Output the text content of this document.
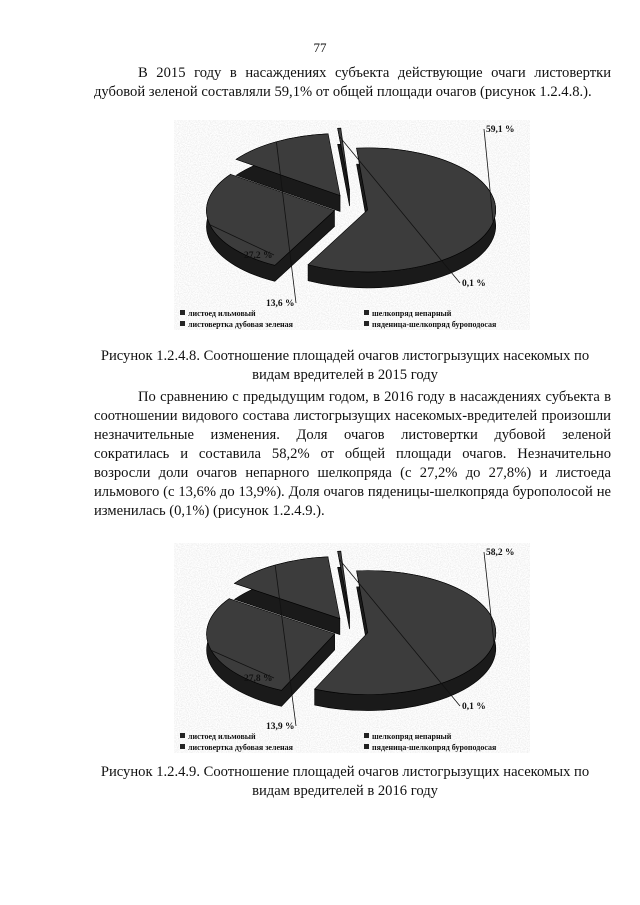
77

В 2015 году в насаждениях субъекта действующие очаги листовертки дубовой зеленой составляли 59,1% от общей площади очагов (рисунок 1.2.4.8.).

59,1 %
27,2 %
13,6 %
0,1 %
листоед ильмовый	шелкопряд непарный
листовертка дубовая зеленая	пяденица-шелкопряд буроподосая

Рисунок 1.2.4.8. Соотношение площадей очагов листогрызущих насекомых по видам вредителей в 2015 году

По сравнению с предыдущим годом, в 2016 году в насаждениях субъекта в соотношении видового состава листогрызущих насекомых-вредителей произошли незначительные изменения. Доля очагов листовертки дубовой зеленой сократилась и составила 58,2% от общей площади очагов. Незначительно возросли доли очагов непарного шелкопряда (с 27,2% до 27,8%) и листоеда ильмового (с 13,6% до 13,9%). Доля очагов пяденицы-шелкопряда бурополосой не изменилась (0,1%) (рисунок 1.2.4.9.).

58,2 %
27,8 %
13,9 %
0,1 %
листоед ильмовый	шелкопряд непарный
листовертка дубовая зеленая	пяденица-шелкопряд буроподосая

Рисунок 1.2.4.9. Соотношение площадей очагов листогрызущих насекомых по видам вредителей в 2016 году
